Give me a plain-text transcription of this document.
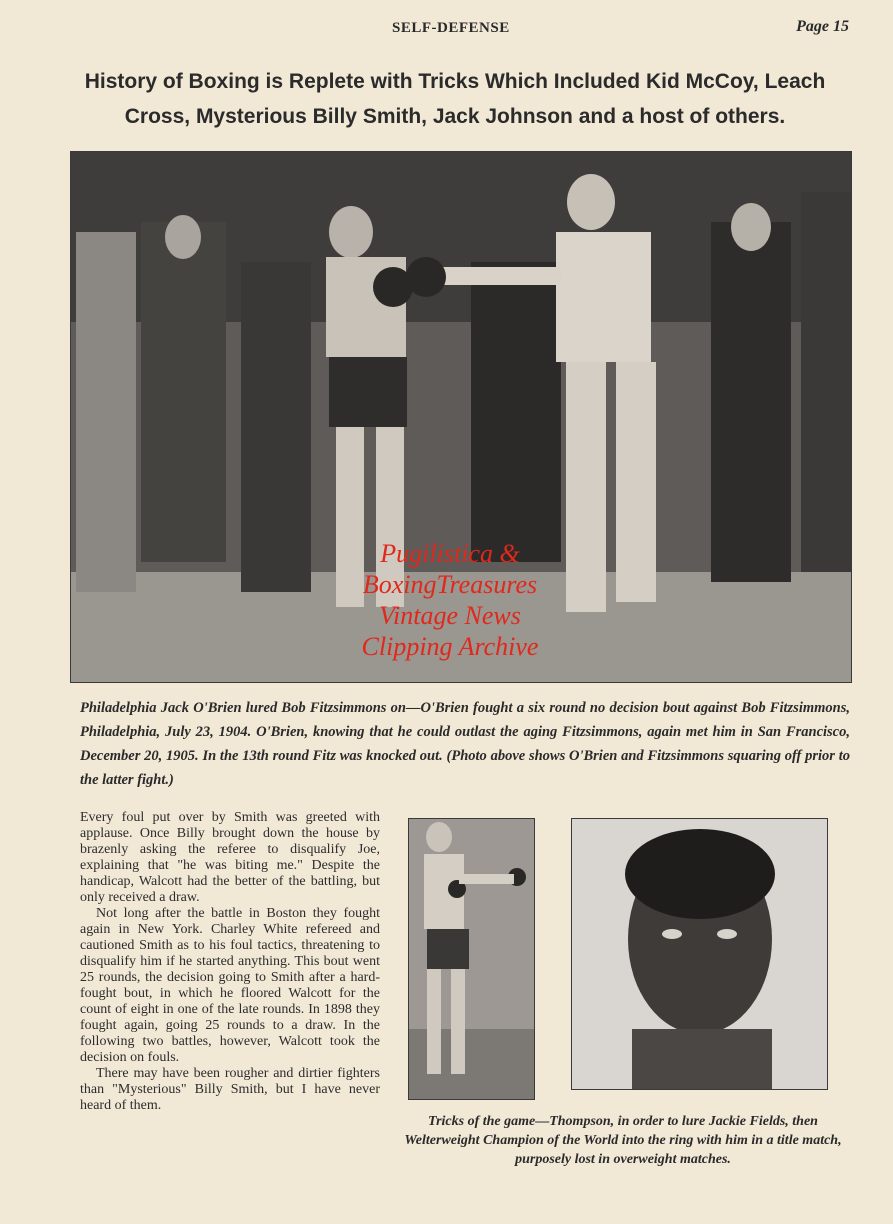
SELF-DEFENSE	Page 15
History of Boxing is Replete with Tricks Which Included Kid McCoy, Leach Cross, Mysterious Billy Smith, Jack Johnson and a host of others.
Pugilistica &
BoxingTreasures
Vintage News
Clipping Archive
Philadelphia Jack O'Brien lured Bob Fitzsimmons on—O'Brien fought a six round no decision bout against Bob Fitzsimmons, Philadelphia, July 23, 1904. O'Brien, knowing that he could outlast the aging Fitzsimmons, again met him in San Francisco, December 20, 1905. In the 13th round Fitz was knocked out. (Photo above shows O'Brien and Fitzsimmons squaring off prior to the latter fight.)

Every foul put over by Smith was greeted with applause. Once Billy brought down the house by brazenly asking the referee to disqualify Joe, explaining that "he was biting me." Despite the handicap, Walcott had the better of the battling, but only received a draw.

Not long after the battle in Boston they fought again in New York. Charley White refereed and cautioned Smith as to his foul tactics, threatening to disqualify him if he started anything. This bout went 25 rounds, the decision going to Smith after a hard-fought bout, in which he floored Walcott for the count of eight in one of the late rounds. In 1898 they fought again, going 25 rounds to a draw. In the following two battles, however, Walcott took the decision on fouls.

There may have been rougher and dirtier fighters than "Mysterious" Billy Smith, but I have never heard of them.

Tricks of the game—Thompson, in order to lure Jackie Fields, then Welterweight Champion of the World into the ring with him in a title match, purposely lost in overweight matches.
